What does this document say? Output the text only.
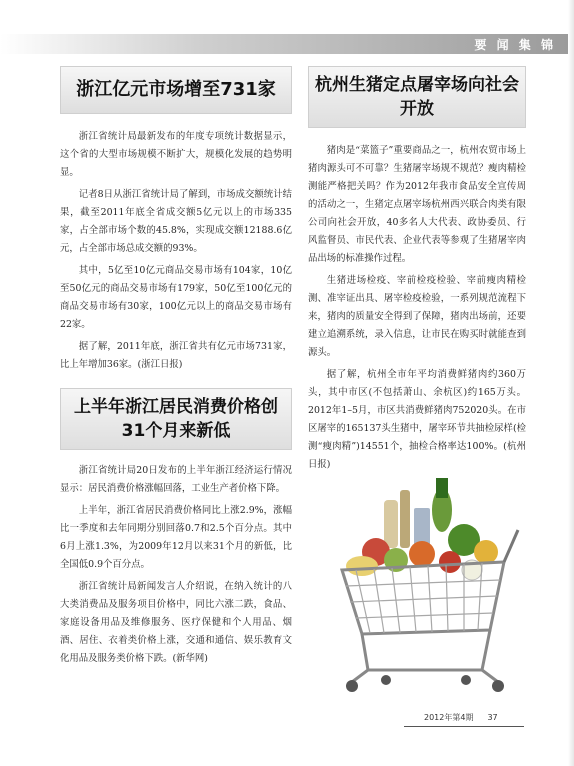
要 闻 集 锦
浙江亿元市场增至731家

浙江省统计局最新发布的年度专项统计数据显示，这个省的大型市场规模不断扩大，规模化发展的趋势明显。

记者8日从浙江省统计局了解到，市场成交额统计结果，截至2011年底全省成交额5亿元以上的市场335家，占全部市场个数的45.8%，实现成交额12188.6亿元，占全部市场总成交额的93%。

其中，5亿至10亿元商品交易市场有104家，10亿至50亿元的商品交易市场有179家，50亿至100亿元的商品交易市场有30家，100亿元以上的商品交易市场有22家。

据了解，2011年底，浙江省共有亿元市场731家，比上年增加36家。(浙江日报)

上半年浙江居民消费价格创31个月来新低

浙江省统计局20日发布的上半年浙江经济运行情况显示：居民消费价格涨幅回落，工业生产者价格下降。

上半年，浙江省居民消费价格同比上涨2.9%，涨幅比一季度和去年同期分别回落0.7和2.5个百分点。其中6月上涨1.3%，为2009年12月以来31个月的新低，比全国低0.9个百分点。

浙江省统计局新闻发言人介绍说，在纳入统计的八大类消费品及服务项目价格中，同比六涨二跌，食品、家庭设备用品及维修服务、医疗保健和个人用品、烟酒、居住、衣着类价格上涨，交通和通信、娱乐教育文化用品及服务类价格下跌。(新华网)

杭州生猪定点屠宰场向社会开放

猪肉是“菜篮子”重要商品之一，杭州农贸市场上猪肉源头可不可靠？生猪屠宰场规不规范？瘦肉精检测能严格把关吗？作为2012年我市食品安全宣传周的活动之一，生猪定点屠宰场杭州西兴联合肉类有限公司向社会开放，40多名人大代表、政协委员、行风监督员、市民代表、企业代表等参观了生猪屠宰肉品出场的标准操作过程。

生猪进场检疫、宰前检疫检验、宰前瘦肉精检测、准宰证出具、屠宰检疫检验，一系列规范流程下来，猪肉的质量安全得到了保障，猪肉出场前，还要建立追溯系统，录入信息，让市民在购买时就能查到源头。

据了解，杭州全市年平均消费鲜猪肉约360万头，其中市区(不包括萧山、余杭区)约165万头。2012年1–5月，市区共消费鲜猪肉752020头。在市区屠宰的165137头生猪中，屠宰环节共抽检尿样(检测“瘦肉精”)14551个，抽检合格率达100%。(杭州日报)

2012年第4期 37
